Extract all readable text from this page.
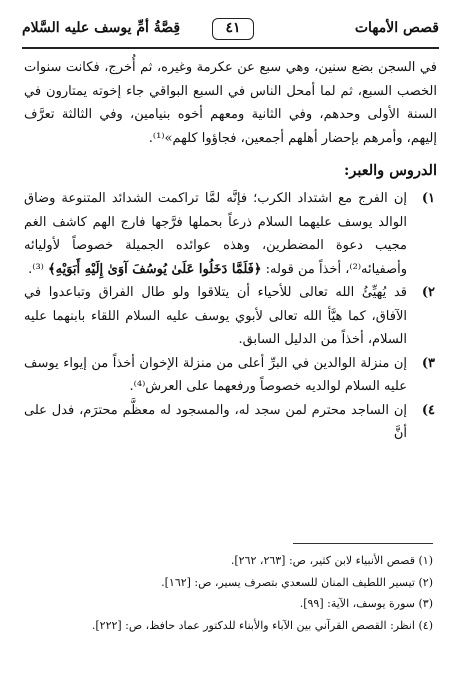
قصص الأمهات
٤١
قِصَّةُ أمِّ يوسف عليه السَّلام

في السجن بضع سنين، وهي سبع عن عكرمة وغيره، ثم أُخرج، فكانت سنوات الخصب السبع، ثم لما أمحل الناس في السبع البواقي جاء إخوته يمتارون في السنة الأولى وحدهم، وفي الثانية ومعهم أخوه بنيامين، وفي الثالثة تعرَّف إليهم، وأمرهم بإحضار أهلهم أجمعين، فجاؤوا كلهم»⁽¹⁾.

الدروس والعبر:
١)
إن الفرج مع اشتداد الكرب؛ فإنَّه لمَّا تراكمت الشدائد المتنوعة وضاق الوالد يوسف عليهما السلام ذرعاً بحملها فرَّجها فارج الهم كاشف الغم مجيب دعوة المضطرين، وهذه عوائده الجميلة خصوصاً لأوليائه وأصفيائه⁽²⁾، أخذاً من قوله: ﴿فَلَمَّا دَخَلُوا عَلَىٰ يُوسُفَ آوَىٰ إِلَيْهِ أَبَوَيْهِ﴾ ⁽³⁾.
٢)
قد يُهيِّئُ الله تعالى للأحياء أن يتلاقوا ولو طال الفراق وتباعدوا في الآفاق، كما هيَّأ الله تعالى لأبوي يوسف عليه السلام اللقاء بابنهما عليه السلام، أخذاً من الدليل السابق.
٣)
إن منزلة الوالدين في البرِّ أعلى من منزلة الإخوان أخذاً من إيواء يوسف عليه السلام لوالديه خصوصاً ورفعهما على العرش⁽⁴⁾.
٤)
إن الساجد محترم لمن سجد له، والمسجود له معظَّم محترَم، فدل على أنَّ
(١) قصص الأنبياء لابن كثير، ص: [٢٦٣، ٢٦٢].
(٢) تيسير اللطيف المنان للسعدي بتصرف يسير، ص: [١٦٢].
(٣) سورة يوسف، الآية: [٩٩].
(٤) انظر: القصص القرآني بين الآباء والأبناء للدكتور عماد حافظ، ص: [٢٢٢].
